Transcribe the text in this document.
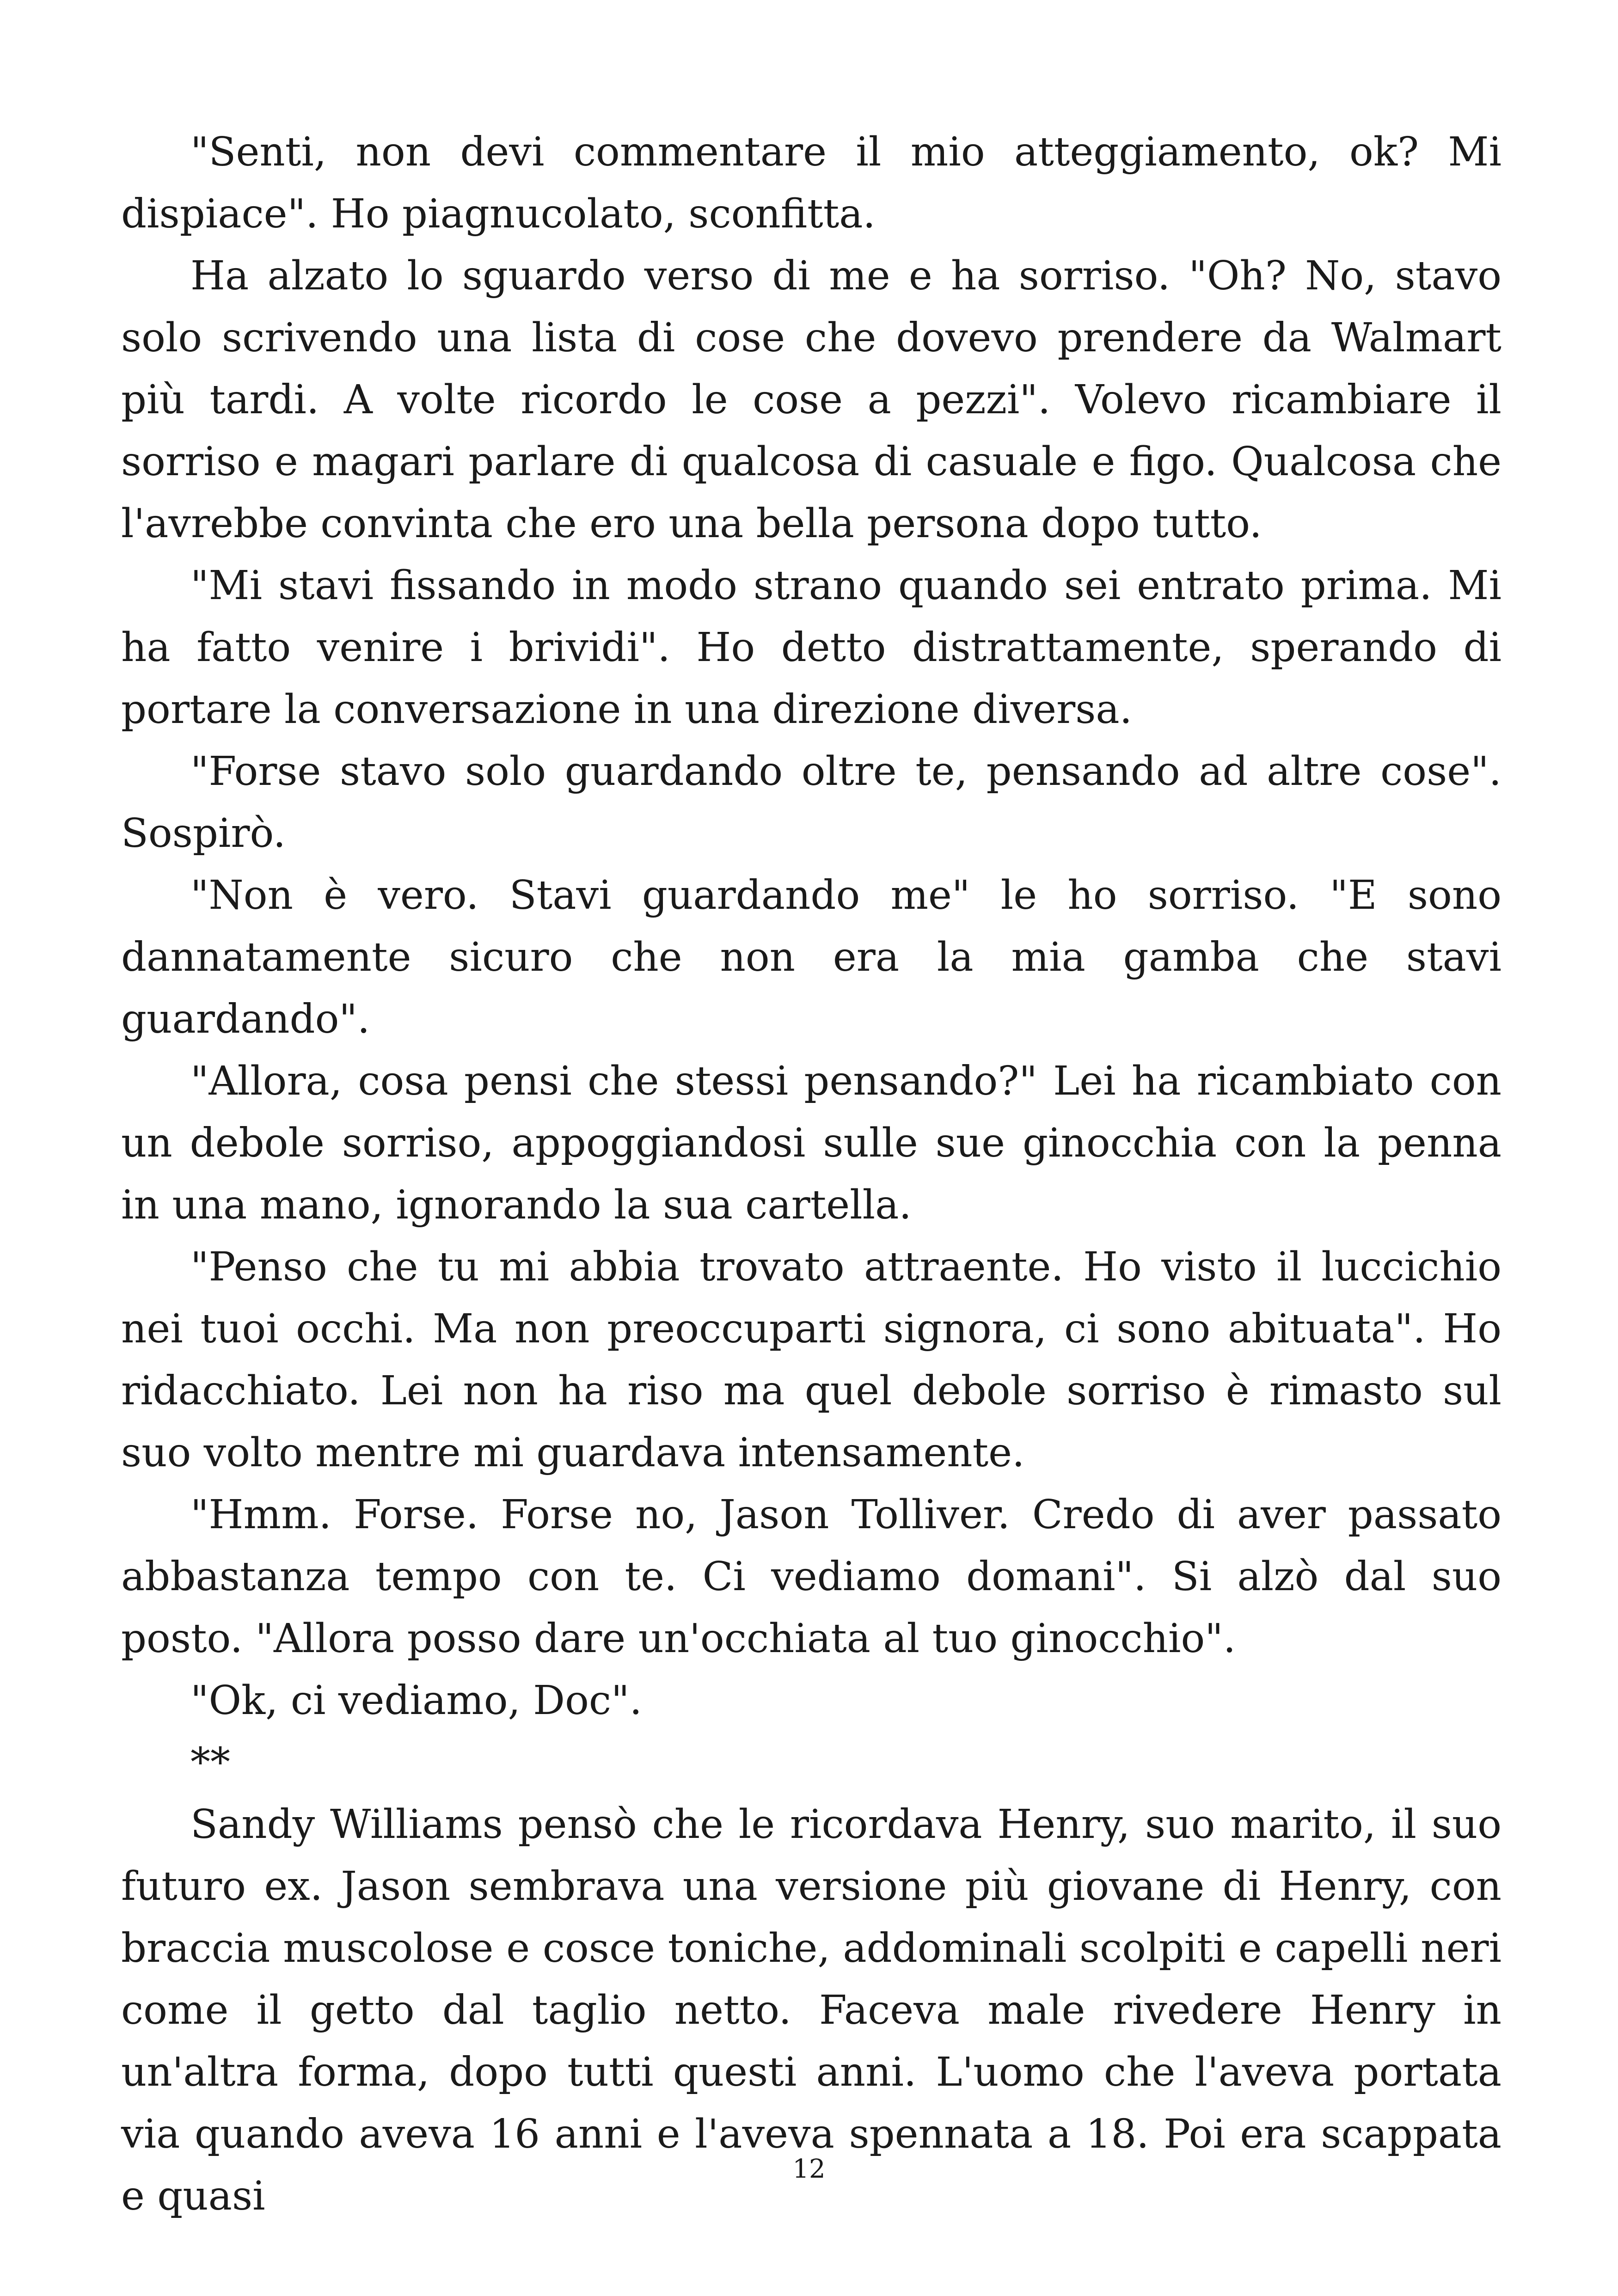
"Senti, non devi commentare il mio atteggiamento, ok? Mi dispiace". Ho piagnucolato, sconfitta.

Ha alzato lo sguardo verso di me e ha sorriso. "Oh? No, stavo solo scrivendo una lista di cose che dovevo prendere da Walmart più tardi. A volte ricordo le cose a pezzi". Volevo ricambiare il sorriso e magari parlare di qualcosa di casuale e figo. Qualcosa che l'avrebbe convinta che ero una bella persona dopo tutto.

"Mi stavi fissando in modo strano quando sei entrato prima. Mi ha fatto venire i brividi". Ho detto distrattamente, sperando di portare la conversazione in una direzione diversa.

"Forse stavo solo guardando oltre te, pensando ad altre cose". Sospirò.

"Non è vero. Stavi guardando me" le ho sorriso. "E sono dannatamente sicuro che non era la mia gamba che stavi guardando".

"Allora, cosa pensi che stessi pensando?" Lei ha ricambiato con un debole sorriso, appoggiandosi sulle sue ginocchia con la penna in una mano, ignorando la sua cartella.

"Penso che tu mi abbia trovato attraente. Ho visto il luccichio nei tuoi occhi. Ma non preoccuparti signora, ci sono abituata". Ho ridacchiato. Lei non ha riso ma quel debole sorriso è rimasto sul suo volto mentre mi guardava intensamente.

"Hmm. Forse. Forse no, Jason Tolliver. Credo di aver passato abbastanza tempo con te. Ci vediamo domani". Si alzò dal suo posto. "Allora posso dare un'occhiata al tuo ginocchio".

"Ok, ci vediamo, Doc".

**

Sandy Williams pensò che le ricordava Henry, suo marito, il suo futuro ex. Jason sembrava una versione più giovane di Henry, con braccia muscolose e cosce toniche, addominali scolpiti e capelli neri come il getto dal taglio netto. Faceva male rivedere Henry in un'altra forma, dopo tutti questi anni. L'uomo che l'aveva portata via quando aveva 16 anni e l'aveva spennata a 18. Poi era scappata e quasi

12
